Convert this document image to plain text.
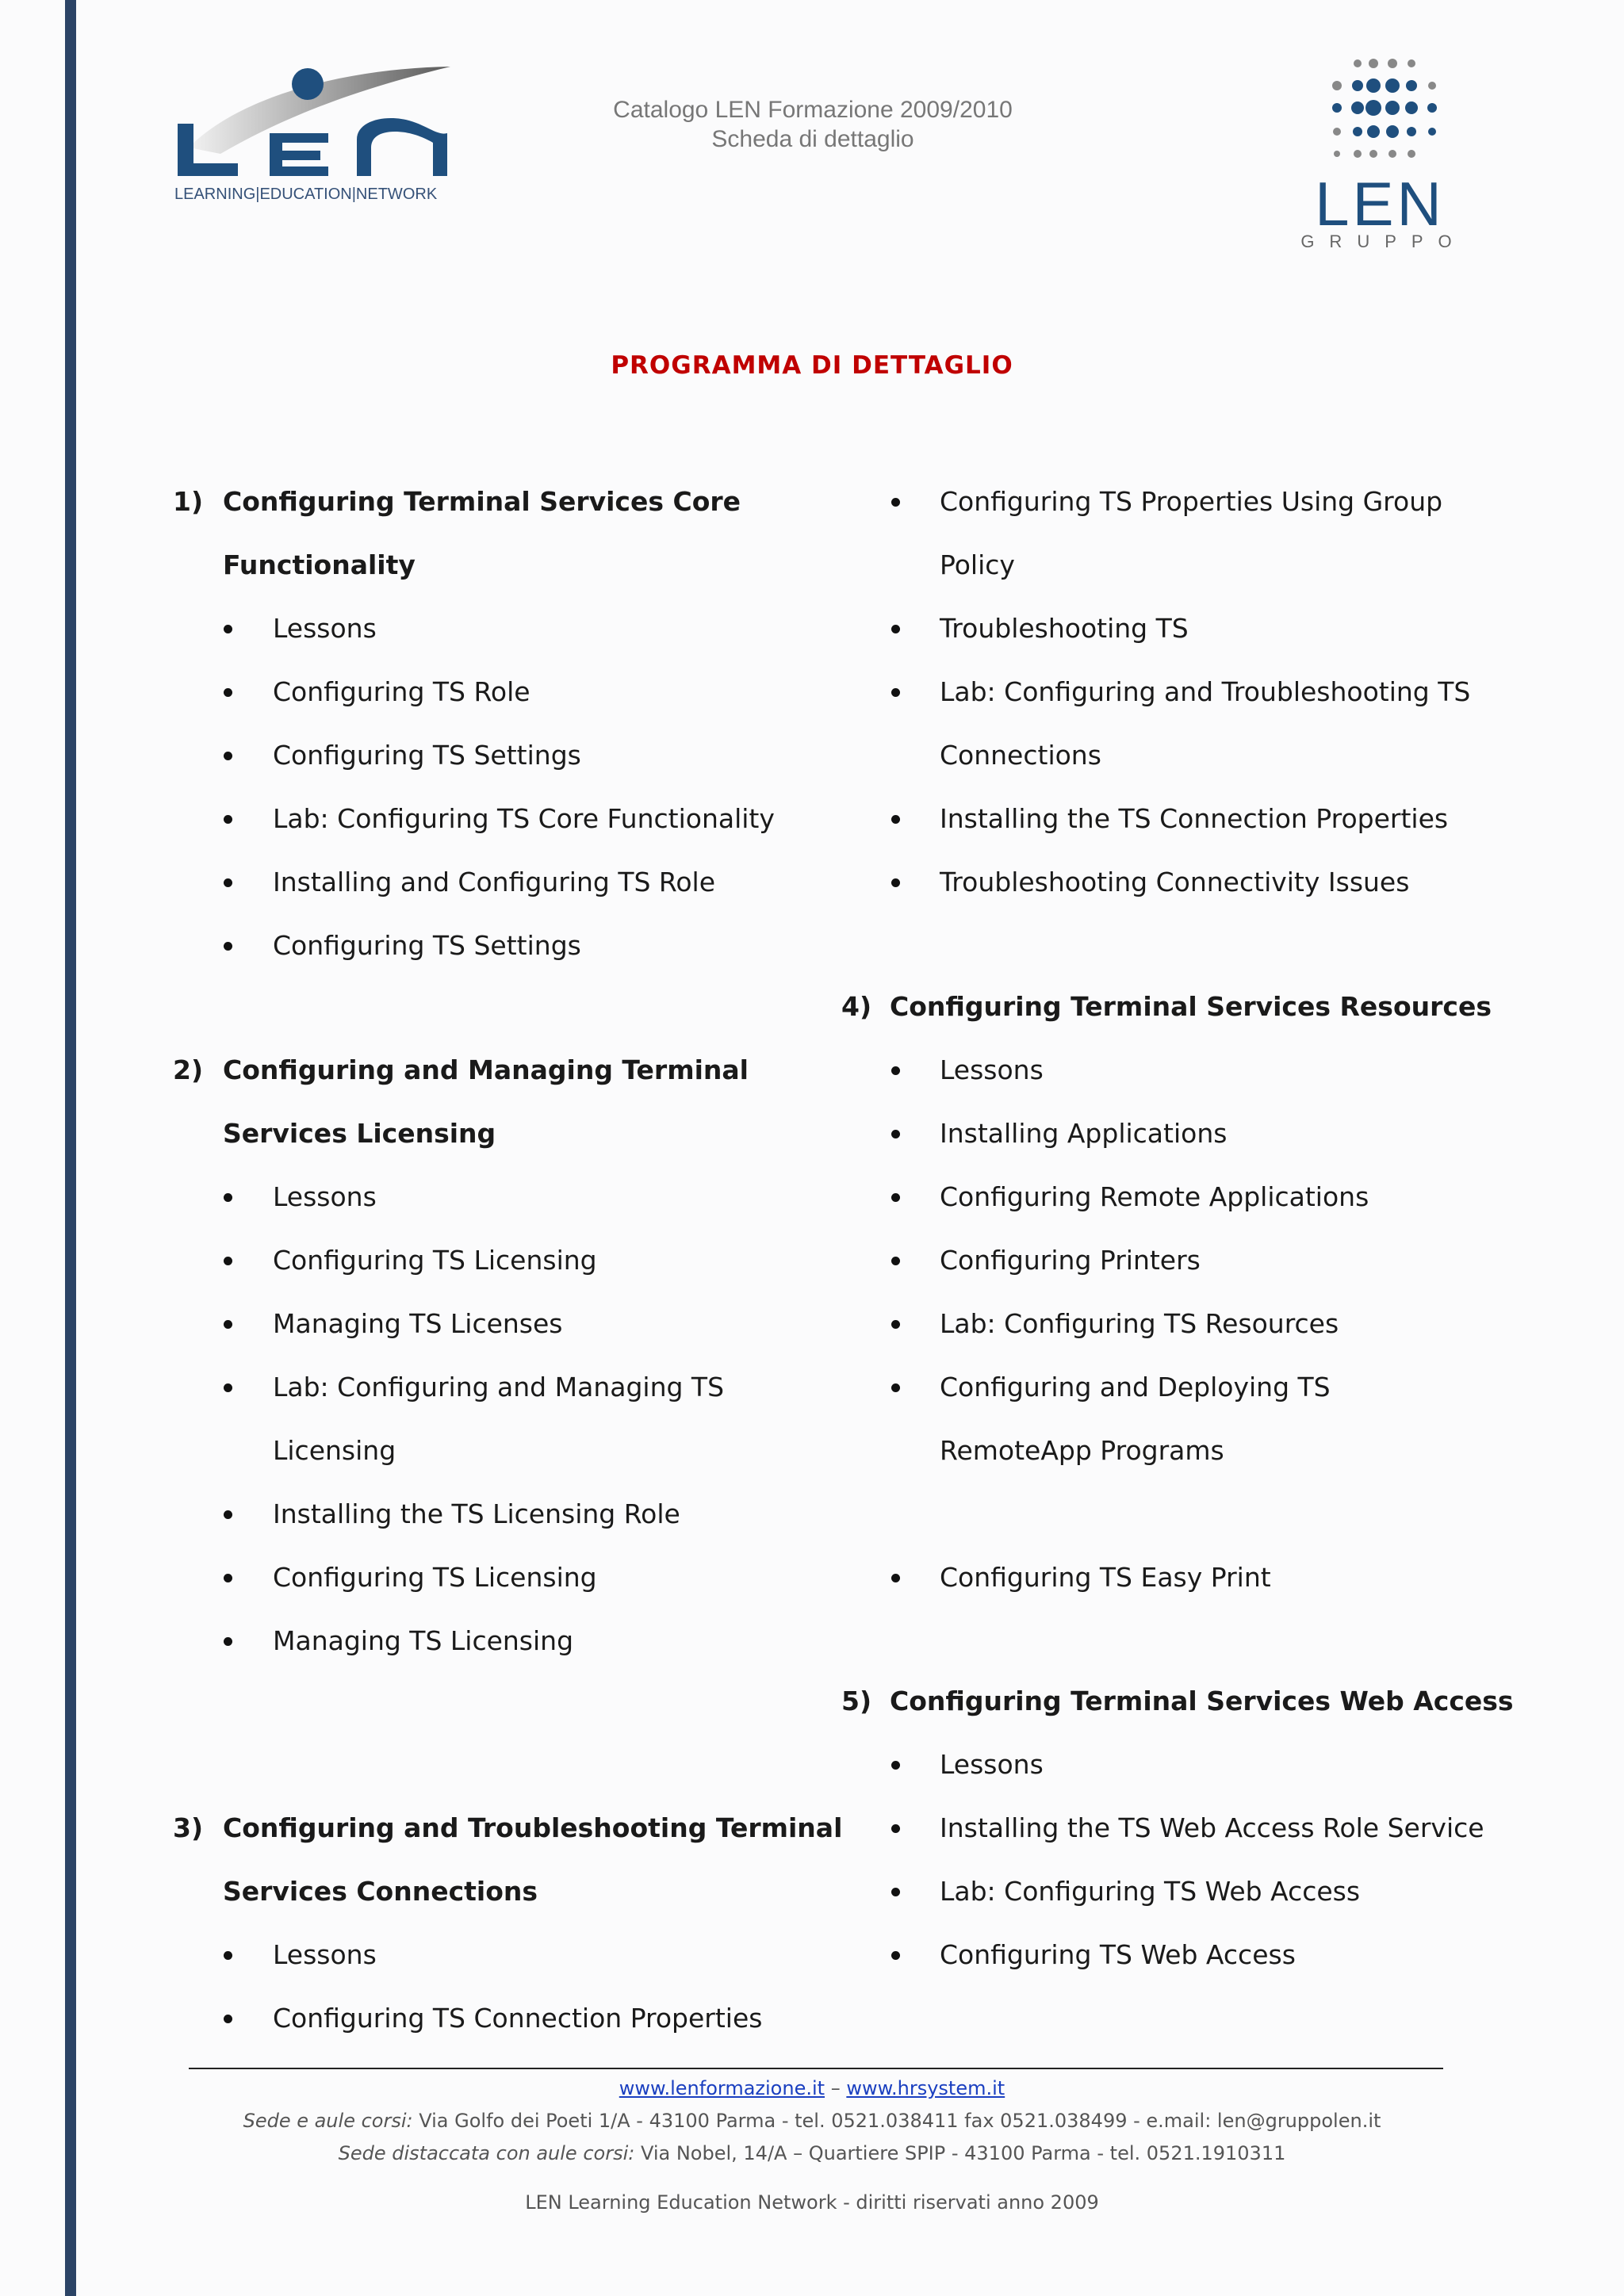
LEARNING|EDUCATION|NETWORK
Catalogo LEN Formazione 2009/2010
Scheda di dettaglio
LEN
GRUPPO
PROGRAMMA DI DETTAGLIO
1) Configuring Terminal Services Core
Functionality
Lessons
Configuring TS Role
Configuring TS Settings
Lab: Configuring TS Core Functionality
Installing and Configuring TS Role
Configuring TS Settings
2) Configuring and Managing Terminal
Services Licensing
Lessons
Configuring TS Licensing
Managing TS Licenses
Lab: Configuring and Managing TS
Licensing
Installing the TS Licensing Role
Configuring TS Licensing
Managing TS Licensing
3) Configuring and Troubleshooting Terminal
Services Connections
Lessons
Configuring TS Connection Properties
Configuring TS Properties Using Group
Policy
Troubleshooting TS
Lab: Configuring and Troubleshooting TS
Connections
Installing the TS Connection Properties
Troubleshooting Connectivity Issues
4) Configuring Terminal Services Resources
Lessons
Installing Applications
Configuring Remote Applications
Configuring Printers
Lab: Configuring TS Resources
Configuring and Deploying TS
RemoteApp Programs
Configuring TS Easy Print
5) Configuring Terminal Services Web Access
Lessons
Installing the TS Web Access Role Service
Lab: Configuring TS Web Access
Configuring TS Web Access
www.lenformazione.it – www.hrsystem.it
Sede e aule corsi: Via Golfo dei Poeti 1/A - 43100 Parma - tel. 0521.038411 fax 0521.038499 - e.mail: len@gruppolen.it
Sede distaccata con aule corsi: Via Nobel, 14/A – Quartiere SPIP - 43100 Parma - tel. 0521.1910311
LEN Learning Education Network - diritti riservati anno 2009
